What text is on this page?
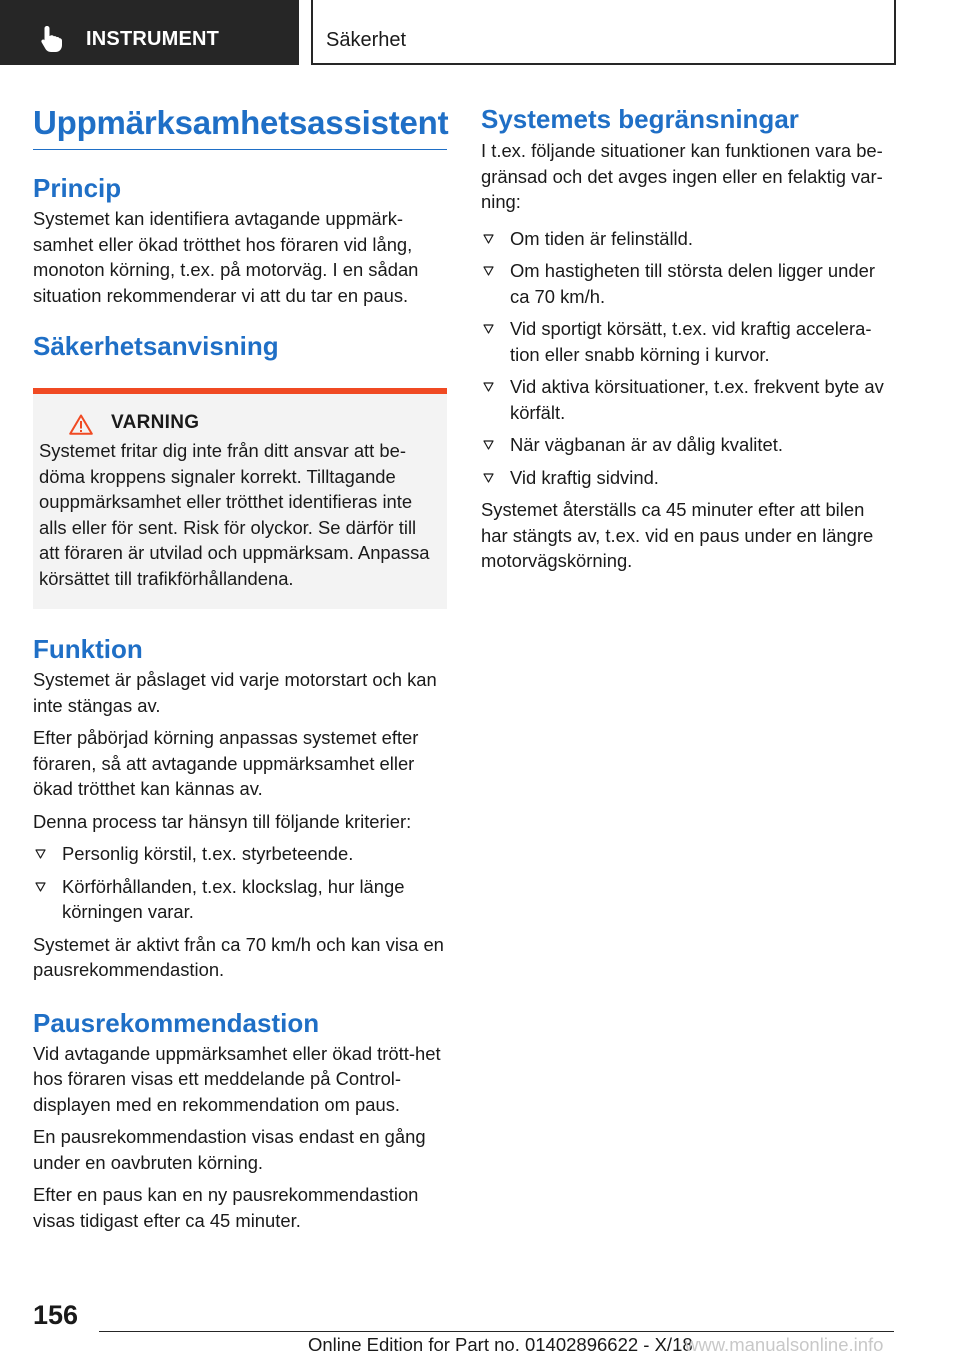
INSTRUMENT	Säkerhet
Uppmärksamhetsassistent
Princip

Systemet kan identifiera avtagande uppmärk-samhet eller ökad trötthet hos föraren vid lång, monoton körning, t.ex. på motorväg. I en sådan situation rekommenderar vi att du tar en paus.

Säkerhetsanvisning
VARNING

Systemet fritar dig inte från ditt ansvar att be-döma kroppens signaler korrekt. Tilltagande ouppmärksamhet eller trötthet identifieras inte alls eller för sent. Risk för olyckor. Se därför till att föraren är utvilad och uppmärksam. Anpassa körsättet till trafikförhållandena.

Funktion

Systemet är påslaget vid varje motorstart och kan inte stängas av.

Efter påbörjad körning anpassas systemet efter föraren, så att avtagande uppmärksamhet eller ökad trötthet kan kännas av.

Denna process tar hänsyn till följande kriterier:

Personlig körstil, t.ex. styrbeteende.
Körförhållanden, t.ex. klockslag, hur länge körningen varar.

Systemet är aktivt från ca 70 km/h och kan visa en pausrekommendastion.

Pausrekommendastion

Vid avtagande uppmärksamhet eller ökad trött-het hos föraren visas ett meddelande på Control-displayen med en rekommendation om paus.

En pausrekommendastion visas endast en gång under en oavbruten körning.

Efter en paus kan en ny pausrekommendastion visas tidigast efter ca 45 minuter.

Systemets begränsningar

I t.ex. följande situationer kan funktionen vara be-gränsad och det avges ingen eller en felaktig var-ning:

Om tiden är felinställd.
Om hastigheten till största delen ligger under ca 70 km/h.
Vid sportigt körsätt, t.ex. vid kraftig accelera-tion eller snabb körning i kurvor.
Vid aktiva körsituationer, t.ex. frekvent byte av körfält.
När vägbanan är av dålig kvalitet.
Vid kraftig sidvind.

Systemet återställs ca 45 minuter efter att bilen har stängts av, t.ex. vid en paus under en längre motorvägskörning.

156
Online Edition for Part no. 01402896622 - X/18
www.manualsonline.info
